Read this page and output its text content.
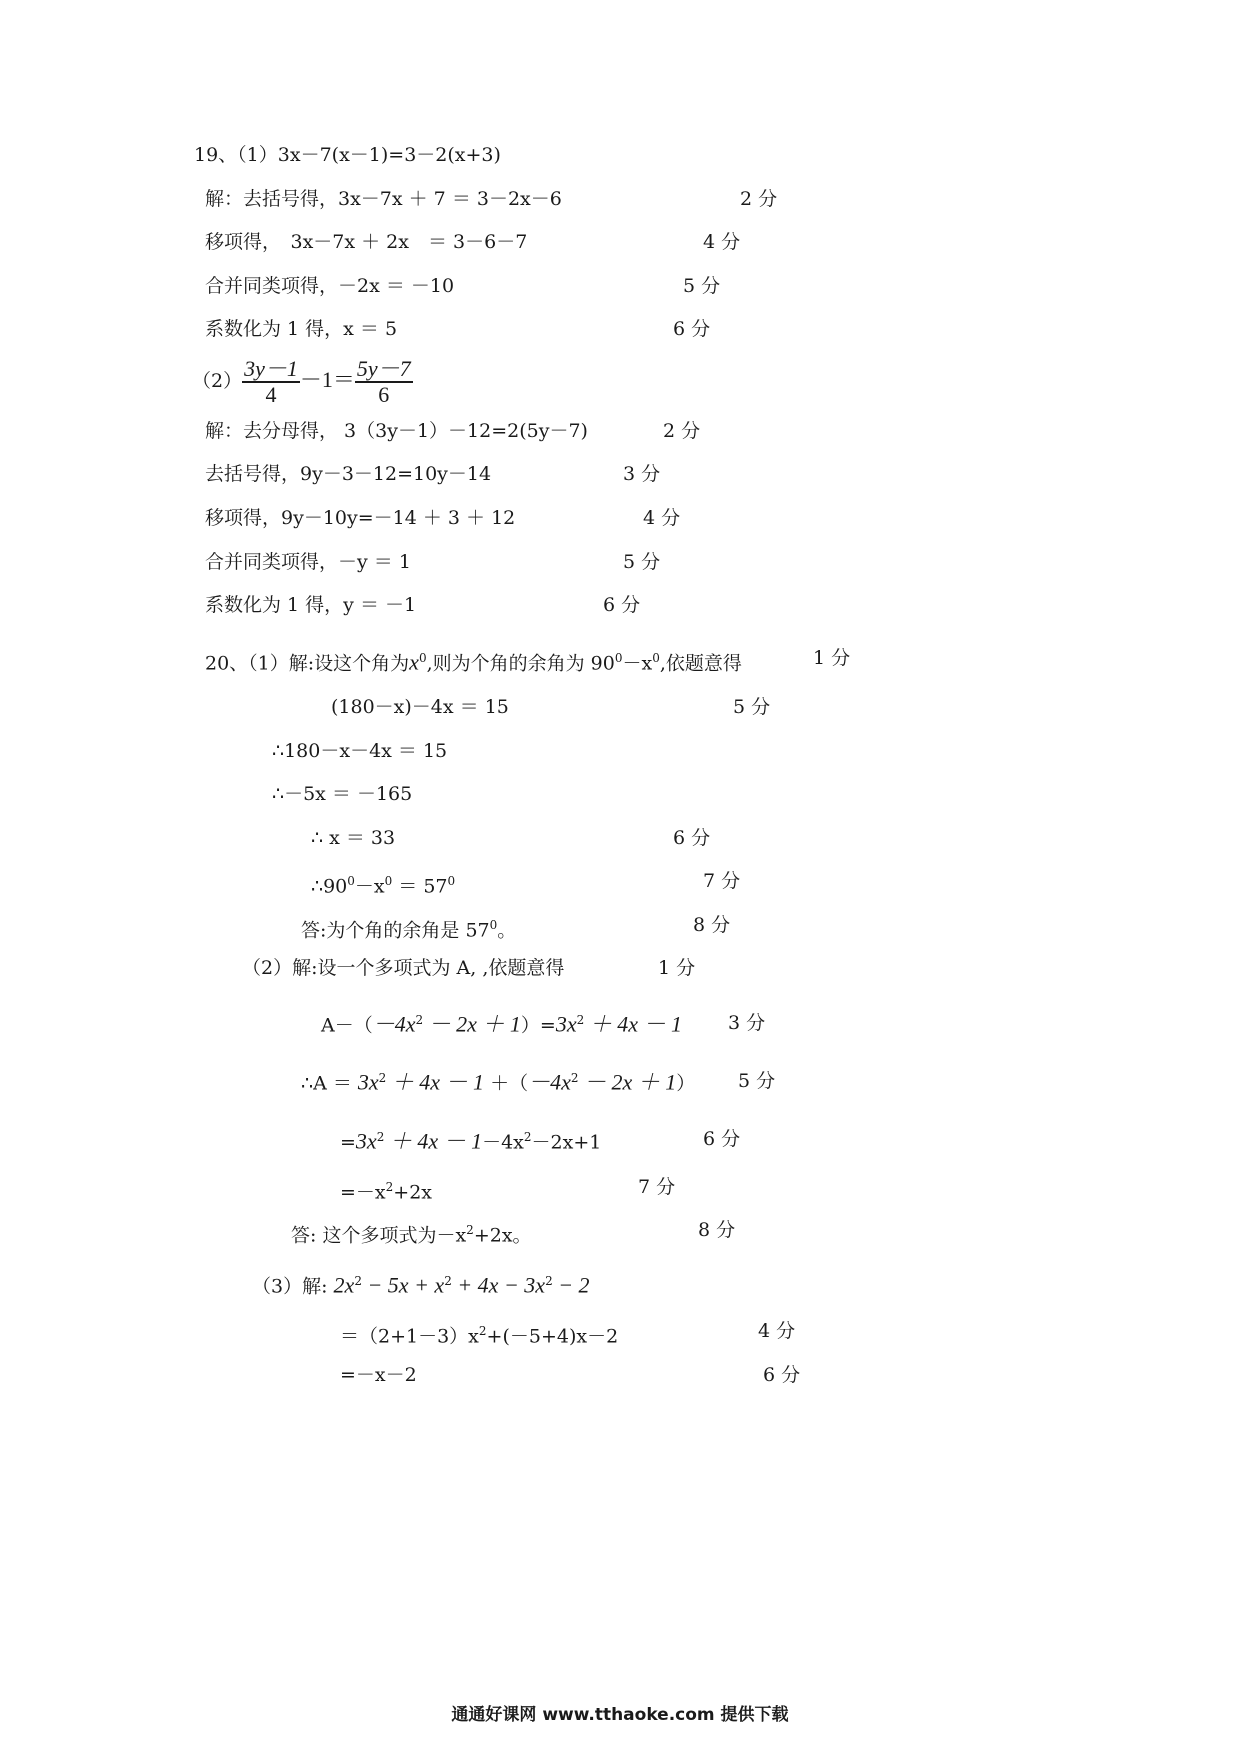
19、（1）3x－7(x－1)=3－2(x+3)
解：去括号得，3x－7x ＋ 7 ＝ 3－2x－6	2 分
移项得，　3x－7x ＋ 2x　＝ 3－6－7	4 分
合并同类项得，－2x ＝ －10	5 分
系数化为 1 得，x ＝ 5	6 分
$(2) \frac{3y-1}{4} -1= \frac{5y-7}{6}$
解：去分母得， 3（3y－1）－12=2(5y－7)	2 分
去括号得，9y－3－12=10y－14	3 分
移项得，9y－10y=－14 ＋ 3 ＋ 12	4 分
合并同类项得，－y ＝ 1	5 分
系数化为 1 得，y ＝ －1	6 分
20、（1）解:设这个角为$x^0$,则为个角的余角为 $90^0-x^0$,依题意得	1 分
(180－x)－4x ＝ 15	5 分
∴180－x－4x ＝ 15
∴－5x ＝ －165
∴ x ＝ 33	6 分
$\therefore 90^0-x^0 = 57^0$	7 分
答:为个角的余角是 $57^0$。	8 分
（2）解:设一个多项式为 A, ,依题意得	1 分
$A-(-4x^2 - 2x + 1)=3x^2 + 4x - 1$ 3 分
∴A ＝ $3x^2 + 4x - 1 +(-4x^2 - 2x + 1)$ 5 分
$=3x^2 + 4x - 1-4x^2-2x+1$	6 分
$=-x^2+2x$	7 分
答: 这个多项式为$-x^2+2x$。	8 分
（3）解: $2x^2 - 5x + x^2 + 4x - 3x^2 - 2$
$=(2+1-3)x^2+(-5+4)x-2$	4 分
=－x－2	6 分
通通好课网 www.tthaoke.com 提供下载
